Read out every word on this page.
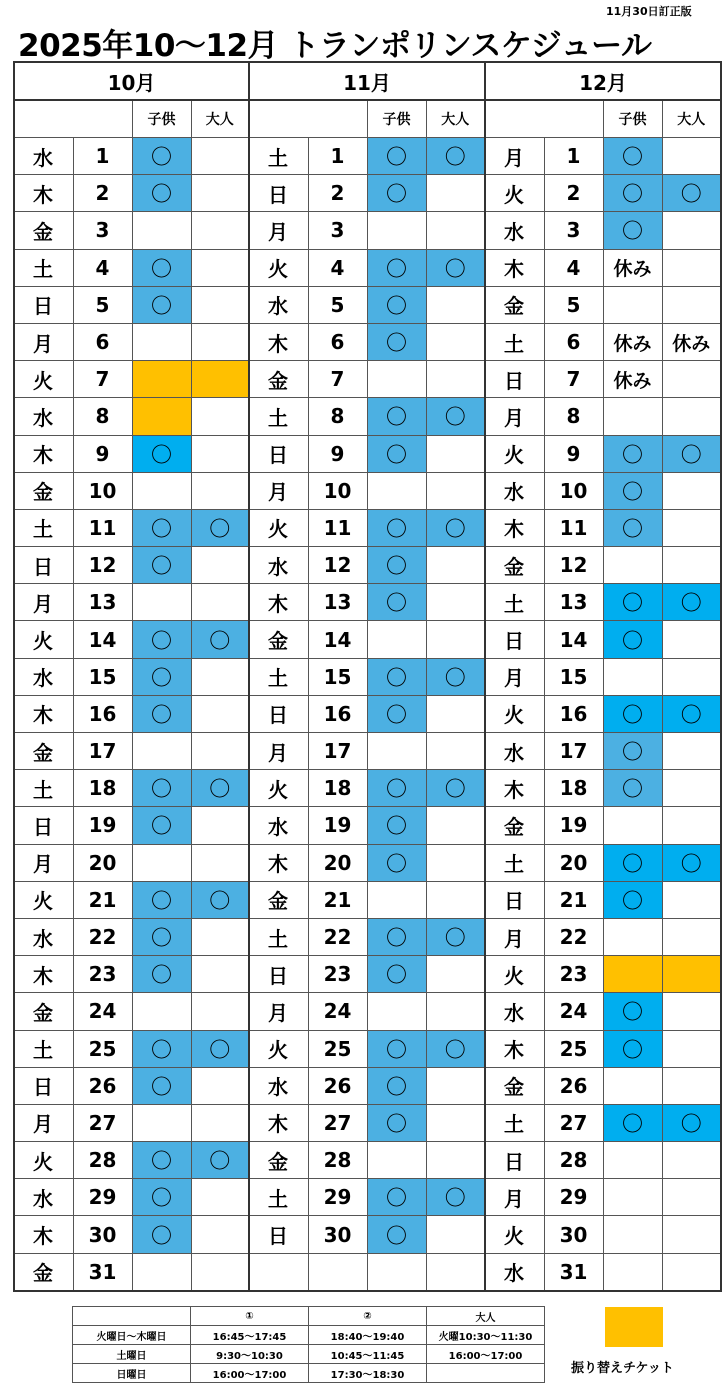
11月30日訂正版
2025年10～12月 トランポリンスケジュール
10月				11月				12月			
		子供	大人			子供	大人			子供	大人
水	1	〇		土	1	〇	〇	月	1	〇	
木	2	〇		日	2	〇		火	2	〇	〇
金	3			月	3			水	3	〇	
土	4	〇		火	4	〇	〇	木	4	休み	
日	5	〇		水	5	〇		金	5		
月	6			木	6	〇		土	6	休み	休み
火	7			金	7			日	7	休み	
水	8			土	8	〇	〇	月	8		
木	9	〇		日	9	〇		火	9	〇	〇
金	10			月	10			水	10	〇	
土	11	〇	〇	火	11	〇	〇	木	11	〇	
日	12	〇		水	12	〇		金	12		
月	13			木	13	〇		土	13	〇	〇
火	14	〇	〇	金	14			日	14	〇	
水	15	〇		土	15	〇	〇	月	15		
木	16	〇		日	16	〇		火	16	〇	〇
金	17			月	17			水	17	〇	
土	18	〇	〇	火	18	〇	〇	木	18	〇	
日	19	〇		水	19	〇		金	19		
月	20			木	20	〇		土	20	〇	〇
火	21	〇	〇	金	21			日	21	〇	
水	22	〇		土	22	〇	〇	月	22		
木	23	〇		日	23	〇		火	23		
金	24			月	24			水	24	〇	
土	25	〇	〇	火	25	〇	〇	木	25	〇	
日	26	〇		水	26	〇		金	26		
月	27			木	27	〇		土	27	〇	〇
火	28	〇	〇	金	28			日	28		
水	29	〇		土	29	〇	〇	月	29		
木	30	〇		日	30	〇		火	30		
金	31							水	31		
	①	②	大人
火曜日～木曜日	16:45～17:45	18:40～19:40	火曜10:30～11:30
土曜日	9:30～10:30	10:45～11:45	16:00～17:00
日曜日	16:00～17:00	17:30～18:30		振り替えチケット
